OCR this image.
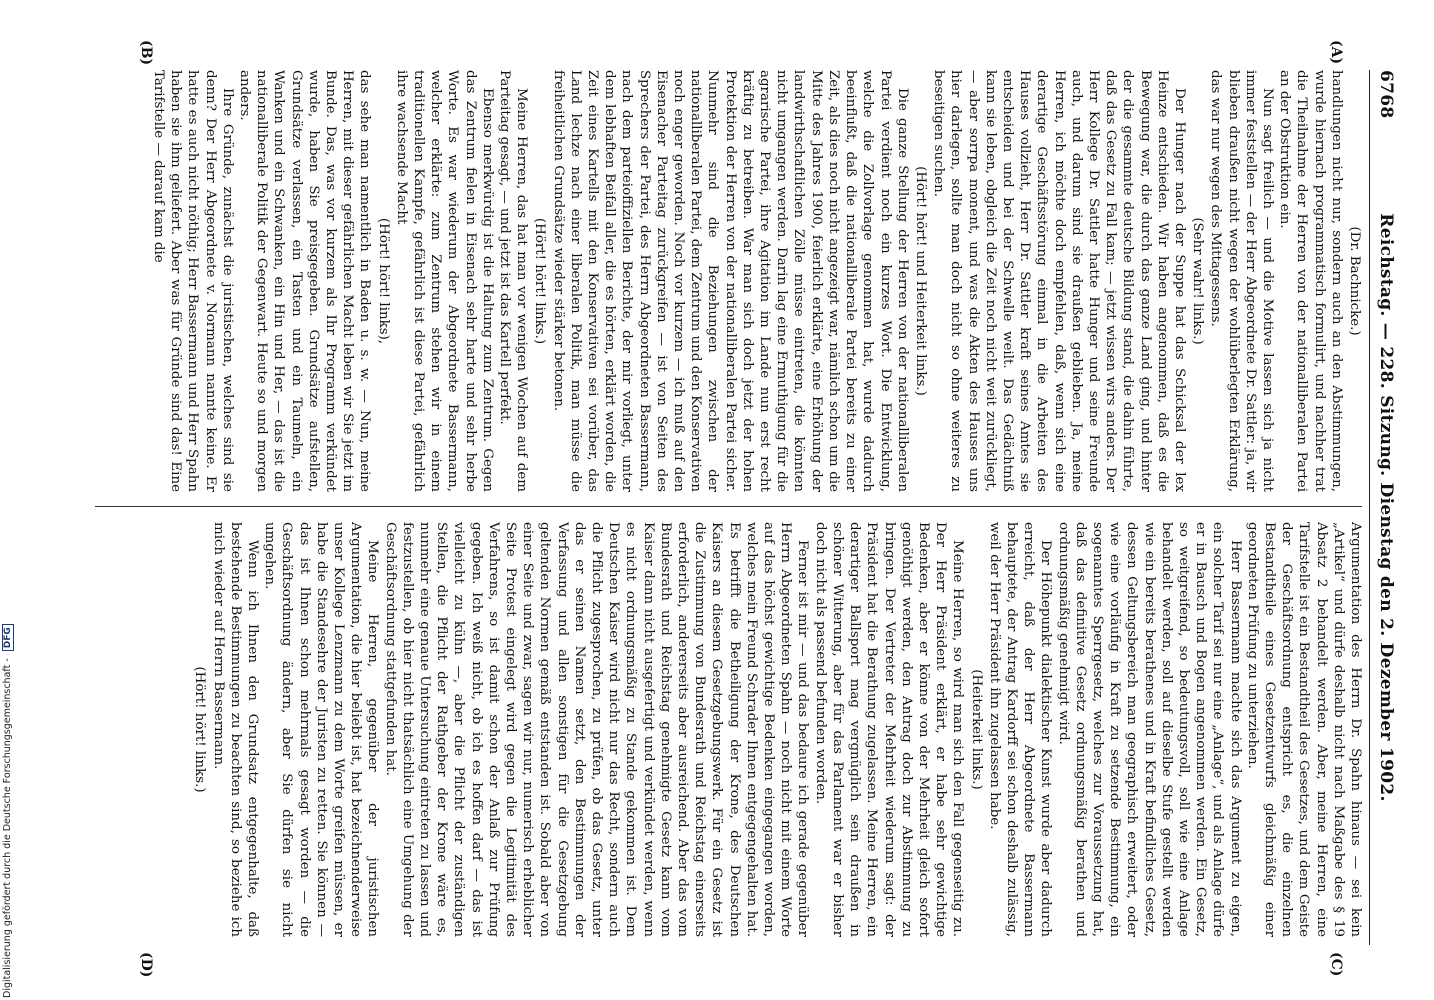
6768
Reichstag. — 228. Sitzung. Dienstag den 2. Dezember 1902.
(A)
(B)
(C)
(D)

(Dr. Bachnicke.)

handlungen nicht nur, sondern auch an den Abstimmungen, wurde hiernach programmatisch formulirt, und nachher trat die Theilnahme der Herren von der nationalliberalen Partei an der Obstruktion ein.

Nun sagt freilich — und die Motive lassen sich ja nicht immer feststellen — der Herr Abgeordnete Dr. Sattler: ja, wir blieben draußen nicht wegen der wohlüberlegten Erklärung, das war nur wegen des Mittagessens.

(Sehr wahr! links.)

Der Hunger nach der Suppe hat das Schicksal der lex Heinze entschieden. Wir haben angenommen, daß es die Bewegung war, die durch das ganze Land ging, und hinter der die gesammte deutsche Bildung stand, die dahin führte, daß das Gesetz zu Fall kam; — jetzt wissen wirs anders. Der Herr Kollege Dr. Sattler hatte Hunger und seine Freunde auch, und darum sind sie draußen geblieben. Ja, meine Herren, ich möchte doch empfehlen, daß, wenn sich eine derartige Geschäftsstörung einmal in die Arbeiten des Hauses vollzieht, Herr Dr. Sattler kraft seines Amtes sie entscheiden und bei der Schwelle weilt. Das Gedächtniß kann sie leben, obgleich die Zeit noch nicht weit zurückliegt, — aber sorrpa monent, und was die Akten des Hauses uns hier darlegen, sollte man doch nicht so ohne weiteres zu beseitigen suchen.

(Hört! hört! und Heiterkeit links.)

Die ganze Stellung der Herren von der nationalliberalen Partei verdient noch ein kurzes Wort. Die Entwicklung, welche die Zollvorlage genommen hat, wurde dadurch beeinflußt, daß die nationalliberale Partei bereits zu einer Zeit, als dies noch nicht angezeigt war, nämlich schon um die Mitte des Jahres 1900, feierlich erklärte, eine Erhöhung der landwirthschaftlichen Zölle müsse eintreten, die könnten nicht umgangen werden. Darin lag eine Ermuthigung für die agrarische Partei, ihre Agitation im Lande nun erst recht kräftig zu betreiben. War man sich doch jetzt der hohen Protektion der Herren von der nationalliberalen Partei sicher. Nunmehr sind die Beziehungen zwischen der nationalliberalen Partei, dem Zentrum und den Konservativen noch enger geworden. Noch vor kurzem — ich muß auf den Eisenacher Parteitag zurückgreifen — ist von Seiten des Sprechers der Partei, des Herrn Abgeordneten Bassermann, nach dem parteioffiziellen Berichte, der mir vorliegt, unter dem lebhaften Beifall aller, die es hörten, erklärt worden, die Zeit eines Kartells mit den Konservativen sei vorüber, das Land lechze nach einer liberalen Politik, man müsse die freiheitlichen Grundsätze wieder stärker betonen.

(Hört! hört! links.)

Meine Herren, das hat man vor wenigen Wochen auf dem Parteitag gesagt, — und jetzt ist das Kartell perfekt.

Ebenso merkwürdig ist die Haltung zum Zentrum. Gegen das Zentrum fielen in Eisenach sehr harte und sehr herbe Worte. Es war wiederum der Abgeordnete Bassermann, welcher erklärte: zum Zentrum stehen wir in einem traditionellen Kampfe, gefährlich ist diese Partei, gefährlich ihre wachsende Macht

(Hört! hört! links),

das sehe man namentlich in Baden u. s. w. — Nun, meine Herren, mit dieser gefährlichen Macht leben wir Sie jetzt im Bunde. Das, was vor kurzem als Ihr Programm verkündet wurde, haben Sie preisgegeben. Grundsätze aufstellen, Grundsätze verlassen, ein Tasten und ein Taumeln, ein Wanken und ein Schwanken, ein Hin und Her, — das ist die nationalliberale Politik der Gegenwart. Heute so und morgen anders.

Ihre Gründe, zunächst die juristischen, welches sind sie denn? Der Herr Abgeordnete v. Normann nannte keine. Er hatte es auch nicht nöthig; Herr Bassermann und Herr Spahn haben sie ihm geliefert. Aber was für Gründe sind das! Eine Tarifstelle — darauf kam die

Argumentation des Herrn Dr. Spahn hinaus — sei kein „Artikel“ und dürfe deshalb nicht nach Maßgabe des § 19 Absatz 2 behandelt werden. Aber, meine Herren, eine Tarifstelle ist ein Bestandtheil des Gesetzes, und dem Geiste der Geschäftsordnung entspricht es, die einzelnen Bestandtheile eines Gesetzentwurfs gleichmäßig einer geordneten Prüfung zu unterziehen.

Herr Bassermann machte sich das Argument zu eigen, ein solcher Tarif sei nur eine „Anlage“, und als Anlage dürfe er in Bausch und Bogen angenommen werden. Ein Gesetz, so weitgreifend, so bedeutungsvoll, soll wie eine Anlage behandelt werden, soll auf dieselbe Stufe gestellt werden wie ein bereits berathenes und in Kraft befindliches Gesetz, dessen Geltungsbereich man geographisch erweitert, oder wie eine vorläufig in Kraft zu setzende Bestimmung, ein sogenanntes Sperrgesetz, welches zur Voraussetzung hat, daß das definitive Gesetz ordnungsmäßig berathen und ordnungsmäßig genehmigt wird.

Der Höhepunkt dialektischer Kunst wurde aber dadurch erreicht, daß der Herr Abgeordnete Bassermann behauptete, der Antrag Kardorff sei schon deshalb zulässig, weil der Herr Präsident ihn zugelassen habe.

(Heiterkeit links.)

Meine Herren, so wird man sich den Fall gegenseitig zu. Der Herr Präsident erklärt, er habe sehr gewichtige Bedenken, aber er könne von der Mehrheit gleich sofort genöthigt werden, den Antrag doch zur Abstimmung zu bringen. Der Vertreter der Mehrheit wiederum sagt: der Präsident hat die Berathung zugelassen. Meine Herren, ein derartiger Ballsport mag vergnüglich sein draußen in schöner Witterung, aber für das Parlament war er bisher doch nicht als passend befunden worden.

Ferner ist mir — und das bedaure ich gerade gegenüber Herrn Abgeordneten Spahn — noch nicht mit einem Worte auf das höchst gewichtige Bedenken eingegangen worden, welches mein Freund Schrader Ihnen entgegengehalten hat. Es betrifft die Betheiligung der Krone, des Deutschen Kaisers an diesem Gesetzgebungswerk. Für ein Gesetz ist die Zustimmung von Bundesrath und Reichstag einerseits erforderlich, andererseits aber ausreichend. Aber das vom Bundesrath und Reichstag genehmigte Gesetz kann vom Kaiser dann nicht ausgefertigt und verkündet werden, wenn es nicht ordnungsmäßig zu Stande gekommen ist. Dem Deutschen Kaiser wird nicht nur das Recht, sondern auch die Pflicht zugesprochen, zu prüfen, ob das Gesetz, unter das er seinen Namen setzt, den Bestimmungen der Verfassung und allen sonstigen für die Gesetzgebung geltenden Normen gemäß entstanden ist. Sobald aber von einer Seite und zwar, sagen wir nur, numerisch erheblicher Seite Protest eingelegt wird gegen die Legitimität des Verfahrens, so ist damit schon der Anlaß zur Prüfung gegeben. Ich weiß nicht, ob ich es hoffen darf — das ist vielleicht zu kühn —, aber die Pflicht der zuständigen Stellen, die Pflicht der Rathgeber der Krone wäre es, nunmehr eine genaue Untersuchung eintreten zu lassen und festzustellen, ob hier nicht thatsächlich eine Umgehung der Geschäftsordnung stattgefunden hat.

Meine Herren, gegenüber der juristischen Argumentation, die hier beliebt ist, hat bezeichnenderweise unser Kollege Lenzmann zu dem Worte greifen müssen, er habe die Standesehre der Juristen zu retten. Sie können — das ist Ihnen schon mehrmals gesagt worden — die Geschäftsordnung ändern, aber Sie dürfen sie nicht umgehen.

Wenn ich Ihnen den Grundsatz entgegenhalte, daß bestehende Bestimmungen zu beachten sind, so beziehe ich mich wieder auf Herrn Bassermann.

(Hört! hört! links.)

Digitalisierung gefördert durch die Deutsche Forschungsgemeinschaft - DFG
